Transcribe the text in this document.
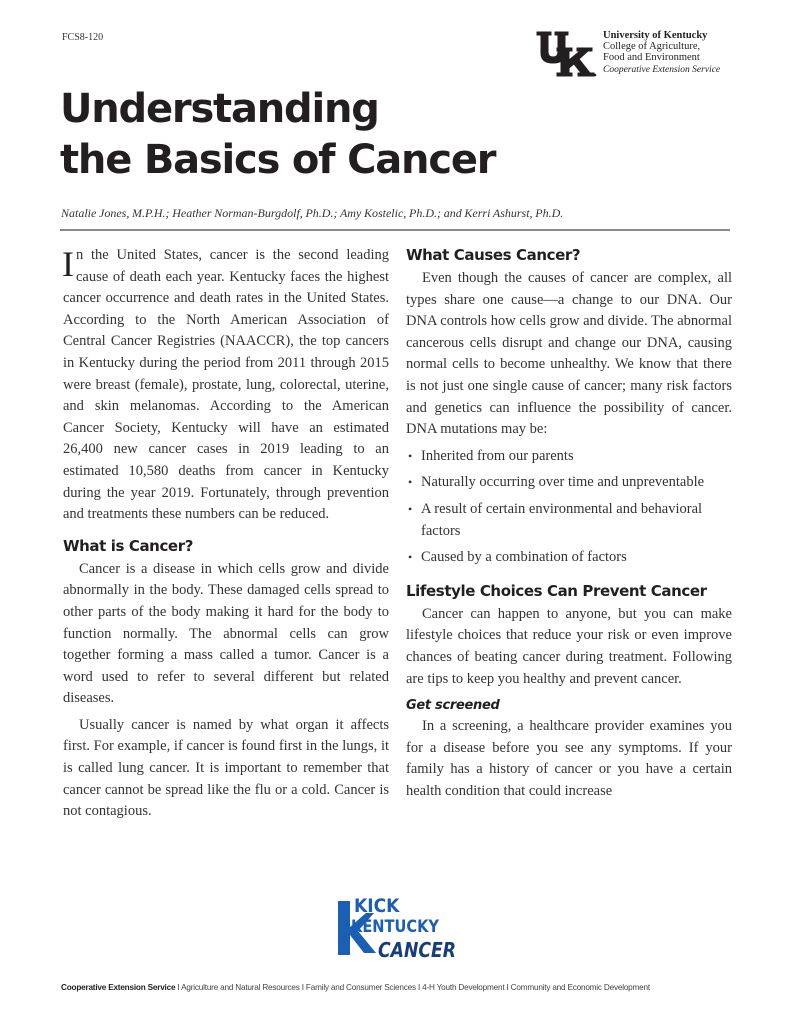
FCS8-120	University of Kentucky
College of Agriculture,
Food and Environment
Cooperative Extension Service
Understanding
the Basics of Cancer
Natalie Jones, M.P.H.; Heather Norman-Burgdolf, Ph.D.; Amy Kostelic, Ph.D.; and Kerri Ashurst, Ph.D.

In the United States, cancer is the second leading cause of death each year. Kentucky faces the highest cancer occurrence and death rates in the United States. According to the North American Association of Central Cancer Registries (NAACCR), the top cancers in Kentucky during the period from 2011 through 2015 were breast (female), prostate, lung, colorectal, uterine, and skin melanomas. According to the American Cancer Society, Kentucky will have an estimated 26,400 new cancer cases in 2019 leading to an estimated 10,580 deaths from cancer in Kentucky during the year 2019. Fortunately, through prevention and treatments these numbers can be reduced.

What is Cancer?

Cancer is a disease in which cells grow and divide abnormally in the body. These damaged cells spread to other parts of the body making it hard for the body to function normally. The abnormal cells can grow together forming a mass called a tumor. Cancer is a word used to refer to several different but related diseases.

Usually cancer is named by what organ it affects first. For example, if cancer is found first in the lungs, it is called lung cancer. It is important to remember that cancer cannot be spread like the flu or a cold. Cancer is not contagious.

What Causes Cancer?

Even though the causes of cancer are complex, all types share one cause—a change to our DNA. Our DNA controls how cells grow and divide. The abnormal cancerous cells disrupt and change our DNA, causing normal cells to become unhealthy. We know that there is not just one single cause of cancer; many risk factors and genetics can influence the possibility of cancer. DNA mutations may be:

• Inherited from our parents
• Naturally occurring over time and unpreventable
• A result of certain environmental and behavioral factors
• Caused by a combination of factors
Lifestyle Choices Can Prevent Cancer

Cancer can happen to anyone, but you can make lifestyle choices that reduce your risk or even improve chances of beating cancer during treatment. Following are tips to keep you healthy and prevent cancer.

Get screened

In a screening, a healthcare provider examines you for a disease before you see any symptoms. If your family has a history of cancer or you have a certain health condition that could increase

KICK
KENTUCKY
CANCER
Cooperative Extension Service I Agriculture and Natural Resources I Family and Consumer Sciences I 4-H Youth Development I Community and Economic Development
